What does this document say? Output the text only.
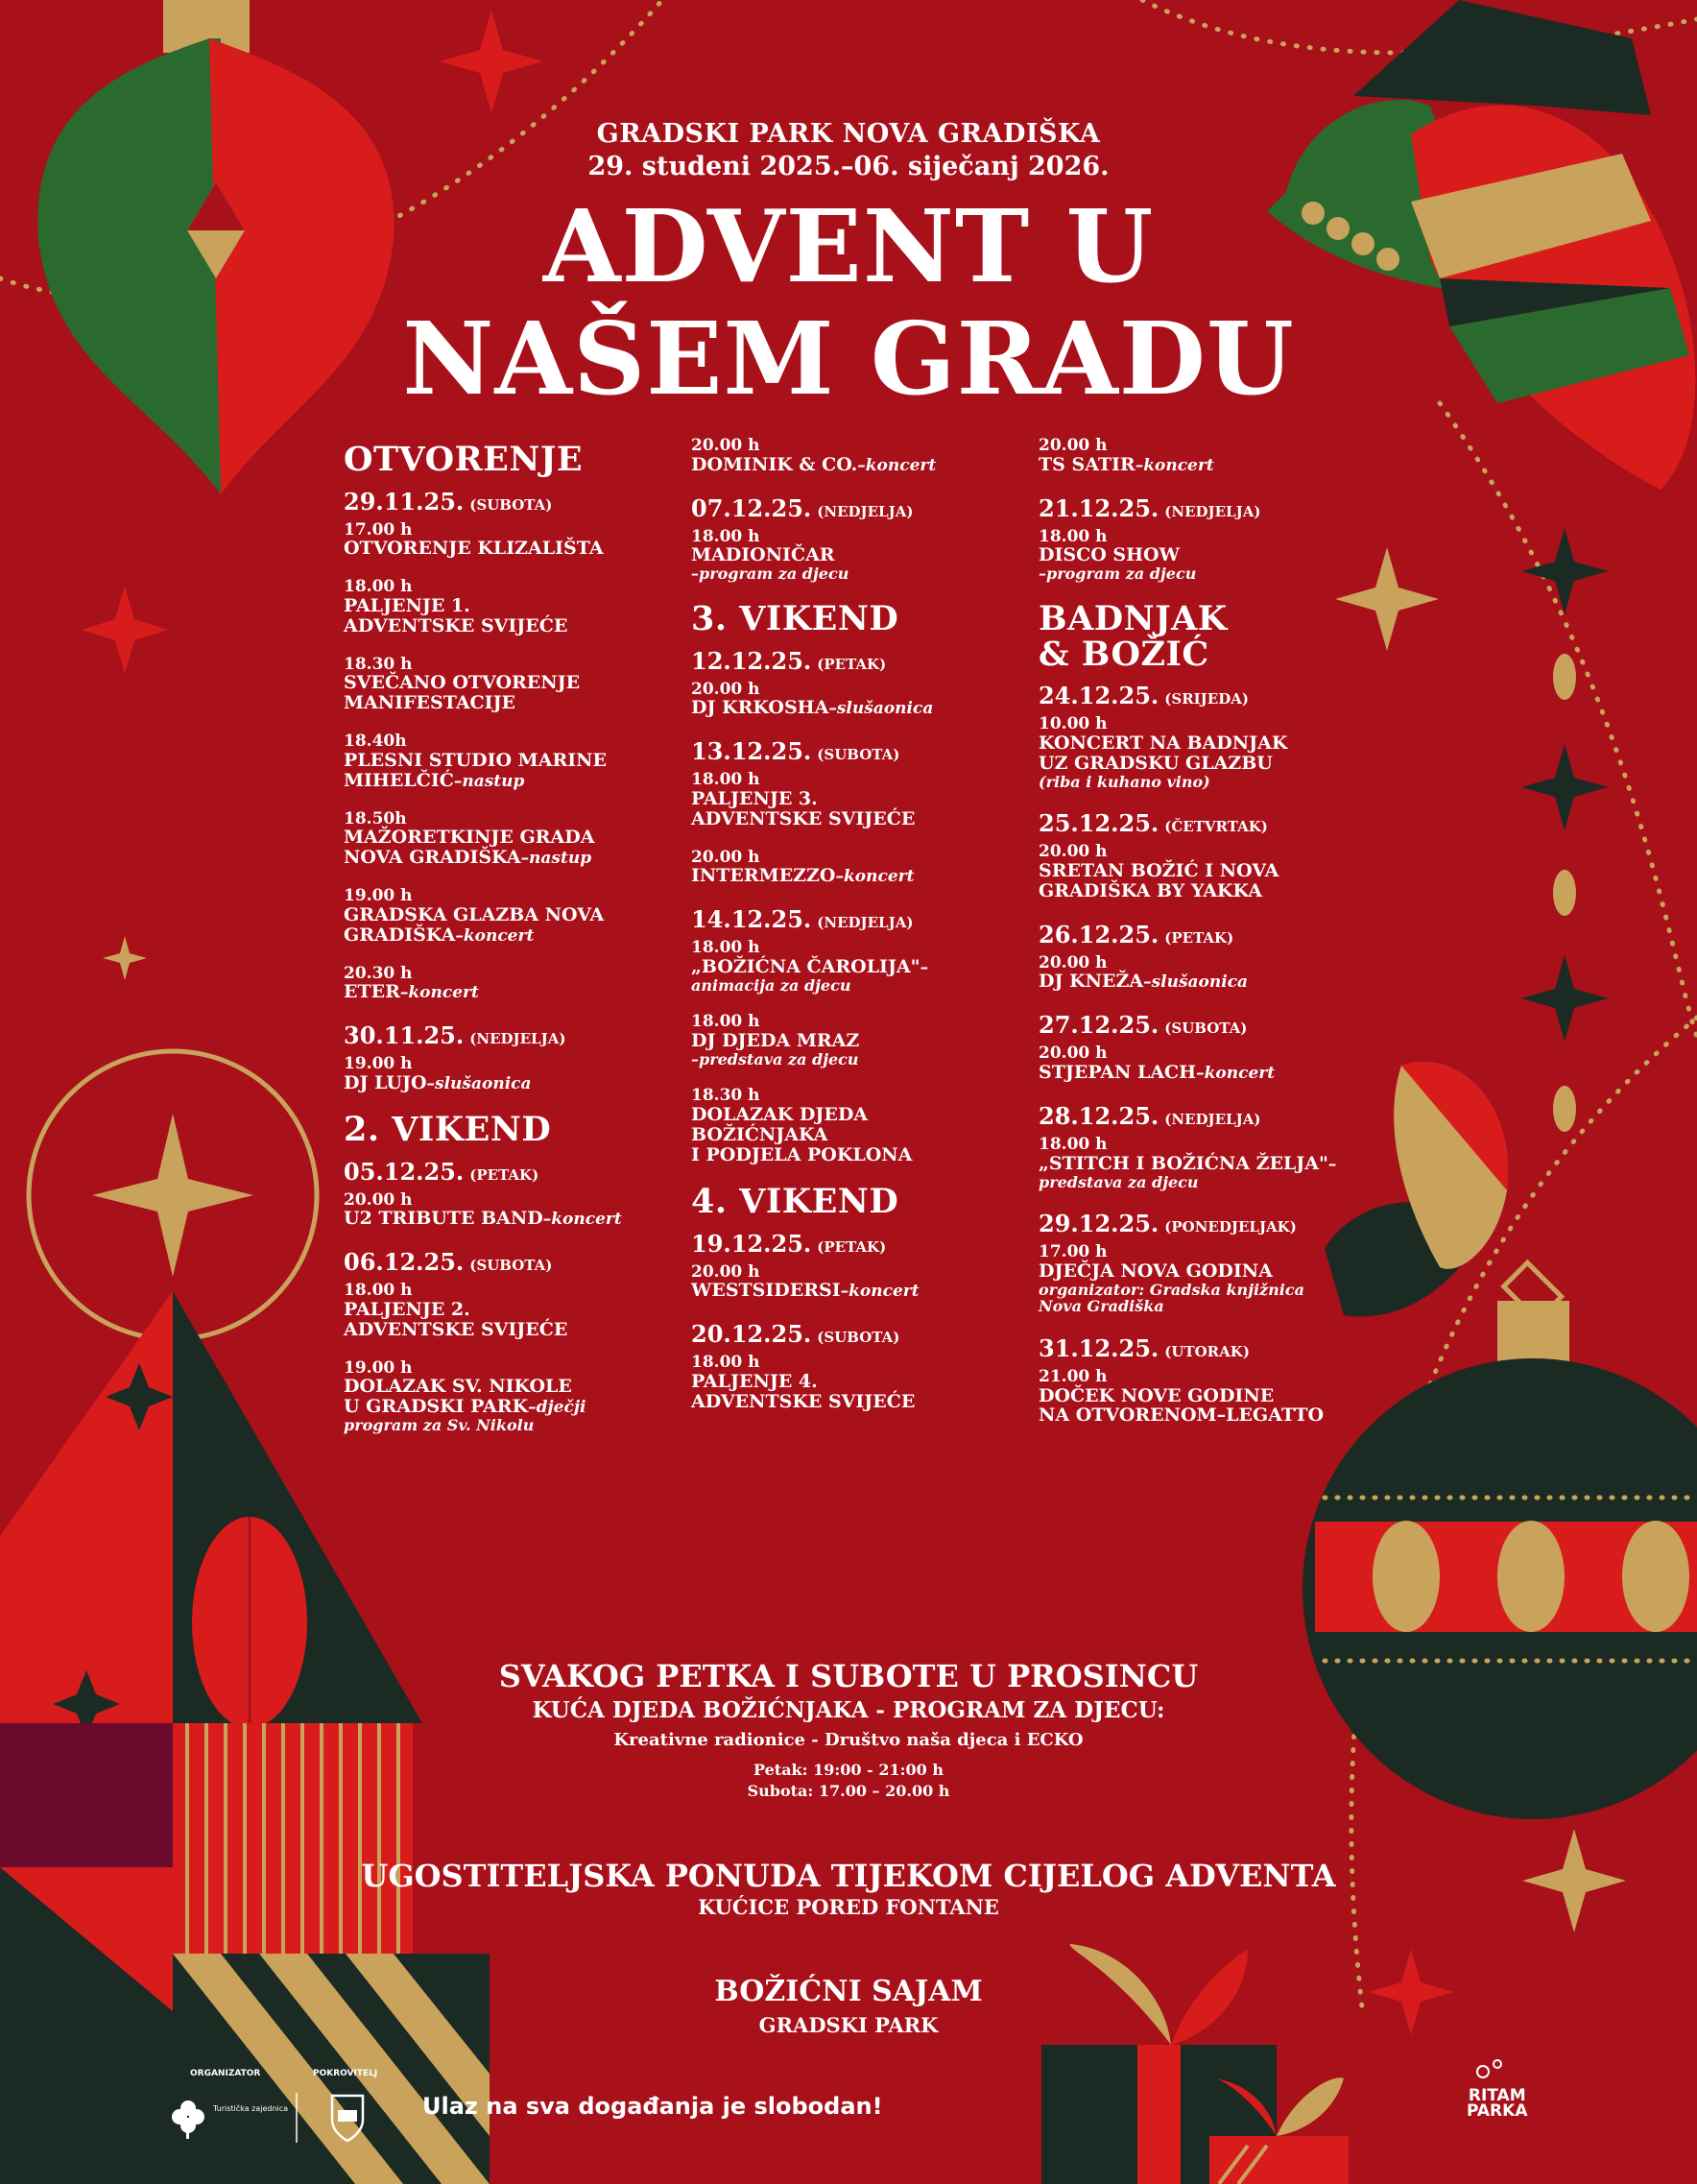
GRADSKI PARK NOVA GRADIŠKA
29. studeni 2025.–06. siječanj 2026.
ADVENT U
NAŠEM GRADU
OTVORENJE
29.11.25. (SUBOTA)
17.00 h
OTVORENJE KLIZALIŠTA
18.00 h
PALJENJE 1.
ADVENTSKE SVIJEĆE
18.30 h
SVEČANO OTVORENJE
MANIFESTACIJE
18.40h
PLESNI STUDIO MARINE
MIHELČIĆ–nastup
18.50h
MAŽORETKINJE GRADA
NOVA GRADIŠKA–nastup
19.00 h
GRADSKA GLAZBA NOVA
GRADIŠKA–koncert
20.30 h
ETER–koncert
30.11.25. (NEDJELJA)
19.00 h
DJ LUJO–slušaonica
2. VIKEND
05.12.25. (PETAK)
20.00 h
U2 TRIBUTE BAND–koncert
06.12.25. (SUBOTA)
18.00 h
PALJENJE 2.
ADVENTSKE SVIJEĆE
19.00 h
DOLAZAK SV. NIKOLE
U GRADSKI PARK–dječji
program za Sv. Nikolu
20.00 h
DOMINIK & CO.–koncert
07.12.25. (NEDJELJA)
18.00 h
MADIONIČAR
–program za djecu
3. VIKEND
12.12.25. (PETAK)
20.00 h
DJ KRKOSHA–slušaonica
13.12.25. (SUBOTA)
18.00 h
PALJENJE 3.
ADVENTSKE SVIJEĆE
20.00 h
INTERMEZZO–koncert
14.12.25. (NEDJELJA)
18.00 h
„BOŽIĆNA ČAROLIJA"–
animacija za djecu
18.00 h
DJ DJEDA MRAZ
–predstava za djecu
18.30 h
DOLAZAK DJEDA
BOŽIĆNJAKA
I PODJELA POKLONA
4. VIKEND
19.12.25. (PETAK)
20.00 h
WESTSIDERSI–koncert
20.12.25. (SUBOTA)
18.00 h
PALJENJE 4.
ADVENTSKE SVIJEĆE
20.00 h
TS SATIR–koncert
21.12.25. (NEDJELJA)
18.00 h
DISCO SHOW
–program za djecu
BADNJAK
& BOŽIĆ
24.12.25. (SRIJEDA)
10.00 h
KONCERT NA BADNJAK
UZ GRADSKU GLAZBU
(riba i kuhano vino)
25.12.25. (ČETVRTAK)
20.00 h
SRETAN BOŽIĆ I NOVA
GRADIŠKA BY YAKKA
26.12.25. (PETAK)
20.00 h
DJ KNEŽA–slušaonica
27.12.25. (SUBOTA)
20.00 h
STJEPAN LACH–koncert
28.12.25. (NEDJELJA)
18.00 h
„STITCH I BOŽIĆNA ŽELJA"–
predstava za djecu
29.12.25. (PONEDJELJAK)
17.00 h
DJEČJA NOVA GODINA
organizator: Gradska knjižnica
Nova Gradiška
31.12.25. (UTORAK)
21.00 h
DOČEK NOVE GODINE
NA OTVORENOM–LEGATTO
SVAKOG PETKA I SUBOTE U PROSINCU
KUĆA DJEDA BOŽIĆNJAKA - PROGRAM ZA DJECU:
Kreativne radionice - Društvo naša djeca i ECKO
Petak: 19:00 - 21:00 h
Subota: 17.00 – 20.00 h
UGOSTITELJSKA PONUDA TIJEKOM CIJELOG ADVENTA
KUĆICE PORED FONTANE
BOŽIĆNI SAJAM
GRADSKI PARK
ORGANIZATOR	POKROVITELJ
Turistička zajednica	Ulaz na sva događanja je slobodan!	RITAM
PARKA
